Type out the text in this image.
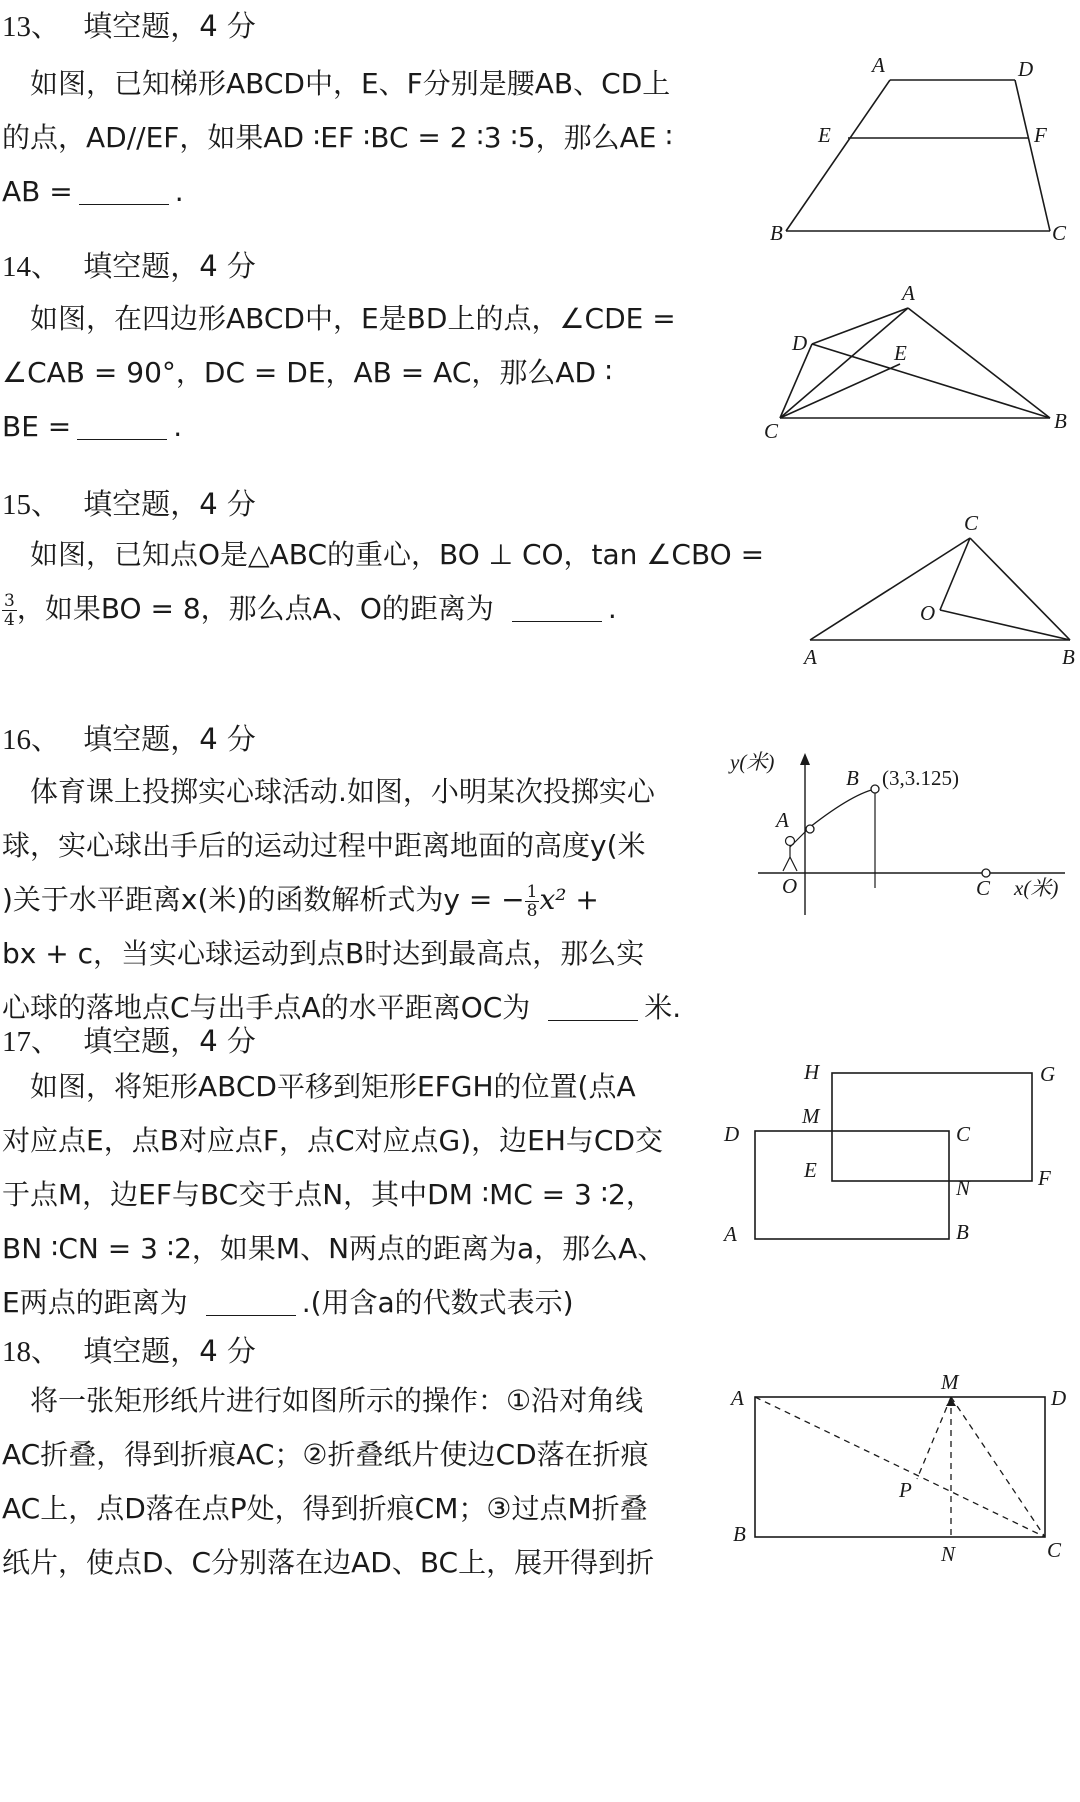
13、 填空题，4 分

如图，已知梯形ABCD中，E、F分别是腰AB、CD上

的点，AD//EF，如果AD ∶EF ∶BC = 2 ∶3 ∶5，那么AE ∶

AB =	.

A	D
E	F
B	C
14、 填空题，4 分

如图，在四边形ABCD中，E是BD上的点，∠CDE =

∠CAB = 90°，DC = DE，AB = AC，那么AD ∶

BE =	.

A
D	E
C	B
15、 填空题，4 分

如图，已知点O是△ABC的重心，BO ⊥ CO，tan ∠CBO =

$\frac{3}{4}$ ，如果BO = 8，那么点A、O的距离为	.

C
O
A	B
16、 填空题，4 分

体育课上投掷实心球活动.如图，小明某次投掷实心

球，实心球出手后的运动过程中距离地面的高度y(米

)关于水平距离x(米)的函数解析式为y = − $\frac{1}{8} x^2$ +

bx + c，当实心球运动到点B时达到最高点，那么实

心球的落地点C与出手点A的水平距离OC为	米.

y(米)
B (3,3.125)
A
O	C x(米)
17、 填空题，4 分

如图，将矩形ABCD平移到矩形EFGH的位置(点A

对应点E，点B对应点F，点C对应点G)，边EH与CD交

于点M，边EF与BC交于点N，其中DM ∶MC = 3 ∶2，

BN ∶CN = 3 ∶2，如果M、N两点的距离为a，那么A、

E两点的距离为	.(用含a的代数式表示)

H	G
M
D	C
E	F
N
A	B
18、 填空题，4 分

将一张矩形纸片进行如图所示的操作：①沿对角线

AC折叠，得到折痕AC；②折叠纸片使边CD落在折痕

AC上，点D落在点P处，得到折痕CM；③过点M折叠

纸片，使点D、C分别落在边AD、BC上，展开得到折

A
M
D
P
B
N	C
